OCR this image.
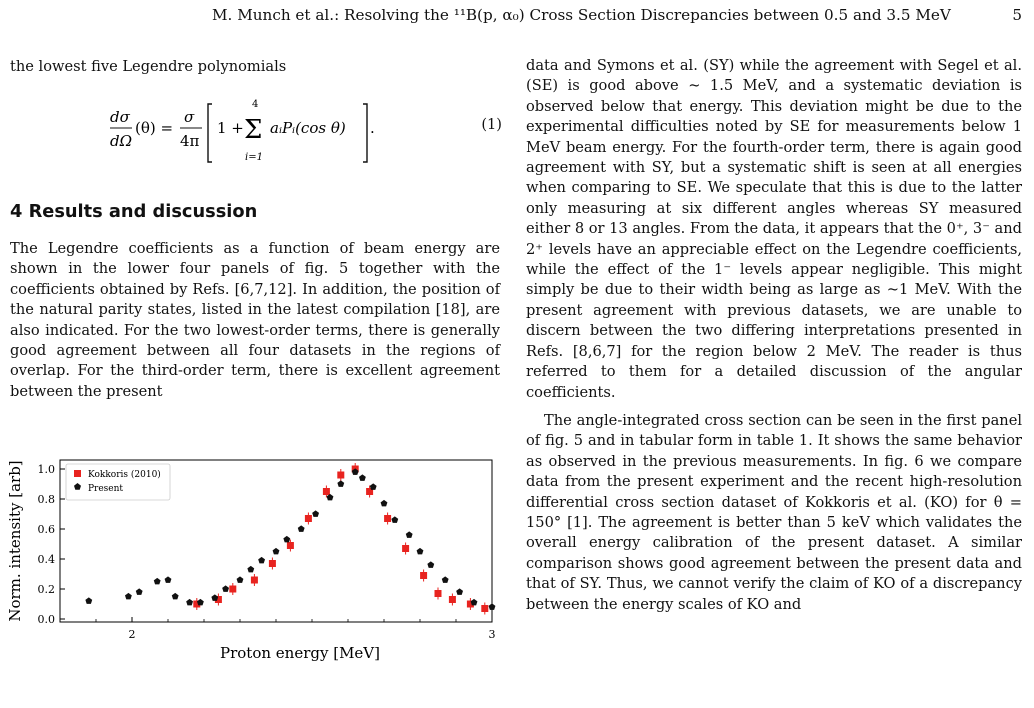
M. Munch et al.: Resolving the ¹¹B(p, α₀) Cross Section Discrepancies between 0.5 and 3.5 MeV	5
the lowest five Legendre polynomials
dσ
dΩ
(θ) =
σ
4π
1 +
4
Σ
i=1
aᵢPᵢ(cos θ) .	(1)
4 Results and discussion

The Legendre coefficients as a function of beam energy are shown in the lower four panels of fig. 5 together with the coefficients obtained by Refs. [6,7,12]. In addition, the position of the natural parity states, listed in the latest compilation [18], are also indicated. For the two lowest-order terms, there is generally good agreement between all four datasets in the regions of overlap. For the third-order term, there is excellent agreement between the present

data and Symons et al. (SY) while the agreement with Segel et al. (SE) is good above ~ 1.5 MeV, and a systematic deviation is observed below that energy. This deviation might be due to the experimental difficulties noted by SE for measurements below 1 MeV beam energy. For the fourth-order term, there is again good agreement with SY, but a systematic shift is seen at all energies when comparing to SE. We speculate that this is due to the latter only measuring at six different angles whereas SY measured either 8 or 13 angles. From the data, it appears that the 0⁺, 3⁻ and 2⁺ levels have an appreciable effect on the Legendre coefficients, while the effect of the 1⁻ levels appear negligible. This might simply be due to their width being as large as ~1 MeV. With the present agreement with previous datasets, we are unable to discern between the two differing interpretations presented in Refs. [8,6,7] for the region below 2 MeV. The reader is thus referred to them for a detailed discussion of the angular coefficients.

The angle-integrated cross section can be seen in the first panel of fig. 5 and in tabular form in table 1. It shows the same behavior as observed in the previous measurements. In fig. 6 we compare data from the present experiment and the recent high-resolution differential cross section dataset of Kokkoris et al. (KO) for θ = 150° [1]. The agreement is better than 5 keV which validates the overall energy calibration of the present dataset. A similar comparison shows good agreement between the present data and that of SY. Thus, we cannot verify the claim of KO of a discrepancy between the energy scales of KO and

0.0
0.2
0.4
0.6
0.8
1.0
2	3
Proton energy [MeV]
Norm. intensity [arb]	Kokkoris (2010)
Present
